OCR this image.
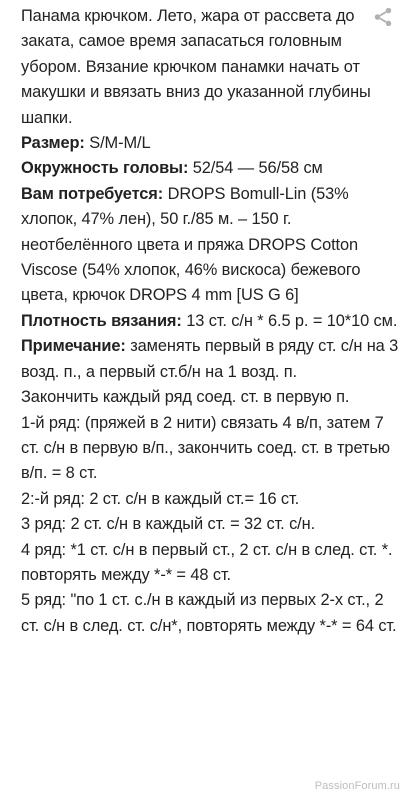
Панама крючком. Лето, жара от рассвета до заката, самое время запасаться головным убором. Вязание крючком панамки начать от макушки и ввязать вниз до указанной глубины шапки.

Размер: S/M-M/L

Окружность головы: 52/54 — 56/58 см

Вам потребуется: DROPS Bomull-Lin (53% хлопок, 47% лен), 50 г./85 м. – 150 г. неотбелённого цвета и пряжа DROPS Cotton Viscose (54% хлопок, 46% вискоса) бежевого цвета, крючок DROPS 4 mm [US G 6]

Плотность вязания: 13 ст. с/н * 6.5 р. = 10*10 см.

Примечание: заменять первый в ряду ст. с/н на 3 возд. п., а первый ст.б/н на 1 возд. п.

Закончить каждый ряд соед. ст. в первую п.

1-й ряд: (пряжей в 2 нити) связать 4 в/п, затем 7 ст. с/н в первую в/п., закончить соед. ст. в третью в/п. = 8 ст.

2:-й ряд: 2 ст. с/н в каждый ст.= 16 ст.

3 ряд: 2 ст. с/н в каждый ст. = 32 ст. с/н.

4 ряд: *1 ст. с/н в первый ст., 2 ст. с/н в след. ст. *. повторять между *-* = 48 ст.

5 ряд: "по 1 ст. с./н в каждый из первых 2-х ст., 2 ст. с/н в след. ст. с/н*, повторять между *-* = 64 ст.

PassionForum.ru
